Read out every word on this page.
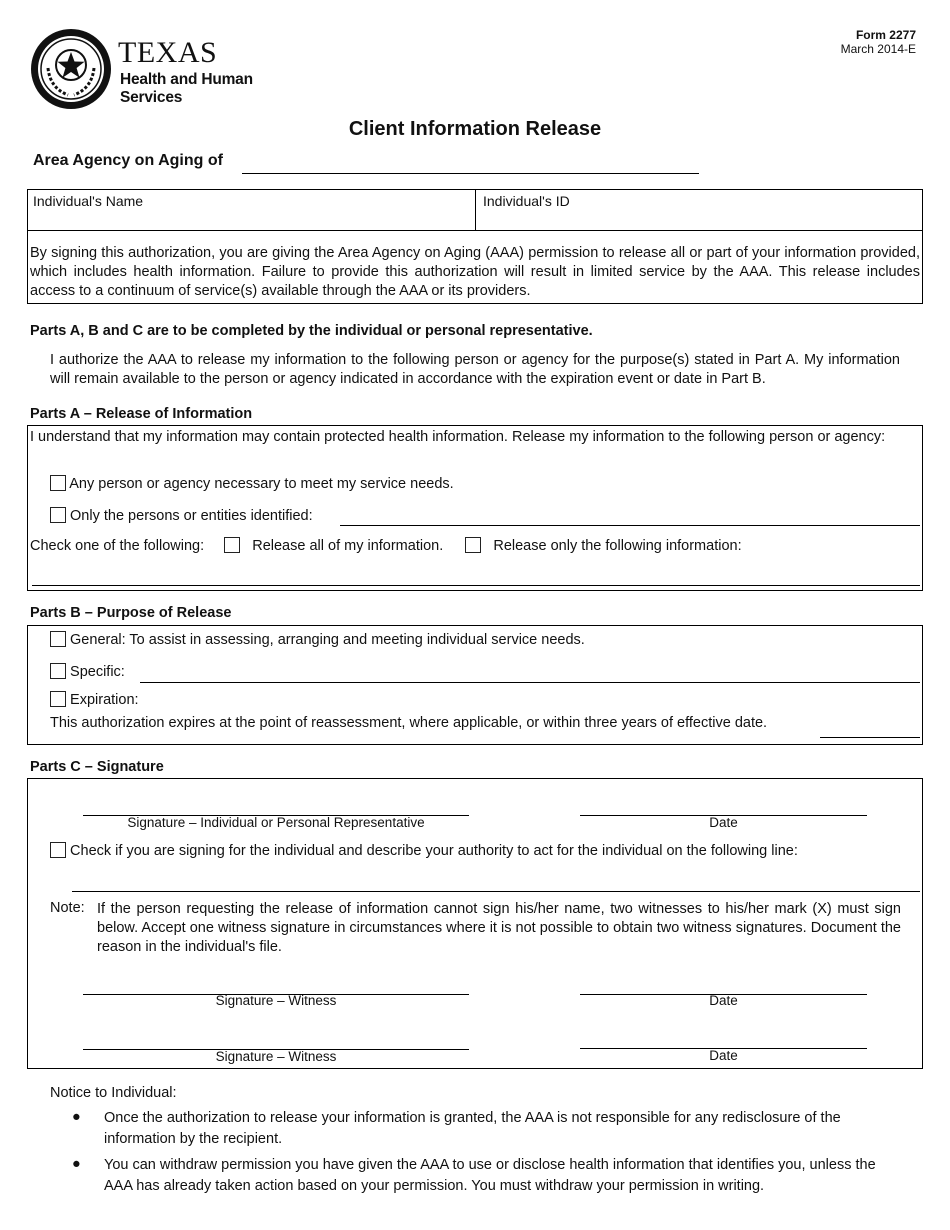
TEXAS
Health and Human
Services
Form 2277
March 2014-E
Client Information Release
Area Agency on Aging of
Individual's Name	Individual's ID
By signing this authorization, you are giving the Area Agency on Aging (AAA) permission to release all or part of your information provided, which includes health information. Failure to provide this authorization will result in limited service by the AAA. This release includes access to a continuum of service(s) available through the AAA or its providers.
Parts A, B and C are to be completed by the individual or personal representative.
I authorize the AAA to release my information to the following person or agency for the purpose(s) stated in Part A. My information will remain available to the person or agency indicated in accordance with the expiration event or date in Part B.
Parts A – Release of Information
I understand that my information may contain protected health information. Release my information to the following person or agency:
Any person or agency necessary to meet my service needs.
Only the persons or entities identified:
Check one of the following:	Release all of my information.	Release only the following information:
Parts B – Purpose of Release
General: To assist in assessing, arranging and meeting individual service needs.
Specific:
Expiration:
This authorization expires at the point of reassessment, where applicable, or within three years of effective date.
Parts C – Signature
Signature – Individual or Personal Representative	Date
Check if you are signing for the individual and describe your authority to act for the individual on the following line:
Note: If the person requesting the release of information cannot sign his/her name, two witnesses to his/her mark (X) must sign below. Accept one witness signature in circumstances where it is not possible to obtain two witness signatures. Document the reason in the individual's file.
Signature – Witness	Date
Signature – Witness	Date
Notice to Individual:
● Once the authorization to release your information is granted, the AAA is not responsible for any redisclosure of the information by the recipient.
● You can withdraw permission you have given the AAA to use or disclose health information that identifies you, unless the AAA has already taken action based on your permission. You must withdraw your permission in writing.
